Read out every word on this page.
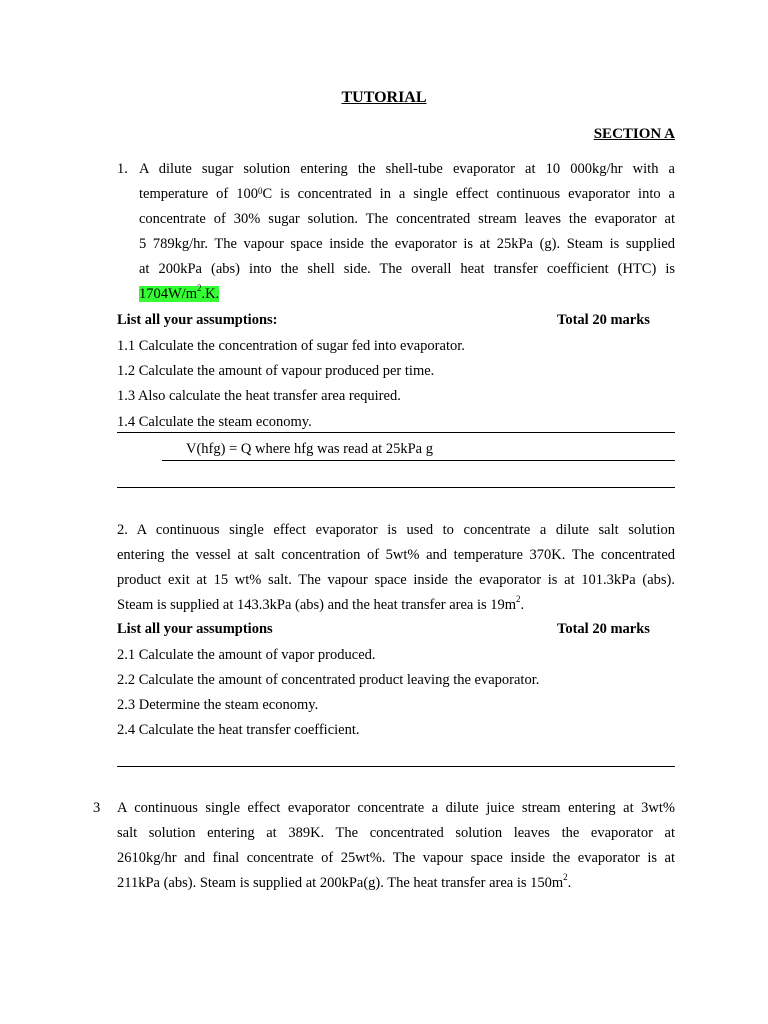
TUTORIAL
SECTION A
1. A dilute sugar solution entering the shell-tube evaporator at 10 000kg/hr with a
temperature of $100^0C$ is concentrated in a single effect continuous evaporator into a
concentrate of 30% sugar solution. The concentrated stream leaves the evaporator at
5 789kg/hr. The vapour space inside the evaporator is at 25kPa (g). Steam is supplied
at 200kPa (abs) into the shell side. The overall heat transfer coefficient (HTC) is
$1704W/m^2.K$.
List all your assumptions:	Total 20 marks
1.1 Calculate the concentration of sugar fed into evaporator.
1.2 Calculate the amount of vapour produced per time.
1.3 Also calculate the heat transfer area required.
1.4 Calculate the steam economy.
V(hfg) = Q where hfg was read at 25kPa g
2. A continuous single effect evaporator is used to concentrate a dilute salt solution
entering the vessel at salt concentration of 5wt% and temperature 370K. The concentrated
product exit at 15 wt% salt. The vapour space inside the evaporator is at 101.3kPa (abs).
Steam is supplied at 143.3kPa (abs) and the heat transfer area is $19m^2$.
List all your assumptions	Total 20 marks
2.1 Calculate the amount of vapor produced.
2.2 Calculate the amount of concentrated product leaving the evaporator.
2.3 Determine the steam economy.
2.4 Calculate the heat transfer coefficient.
3 A continuous single effect evaporator concentrate a dilute juice stream entering at 3wt%
salt solution entering at 389K. The concentrated solution leaves the evaporator at
2610kg/hr and final concentrate of 25wt%. The vapour space inside the evaporator is at
211kPa (abs). Steam is supplied at 200kPa(g). The heat transfer area is $150m^2$.
